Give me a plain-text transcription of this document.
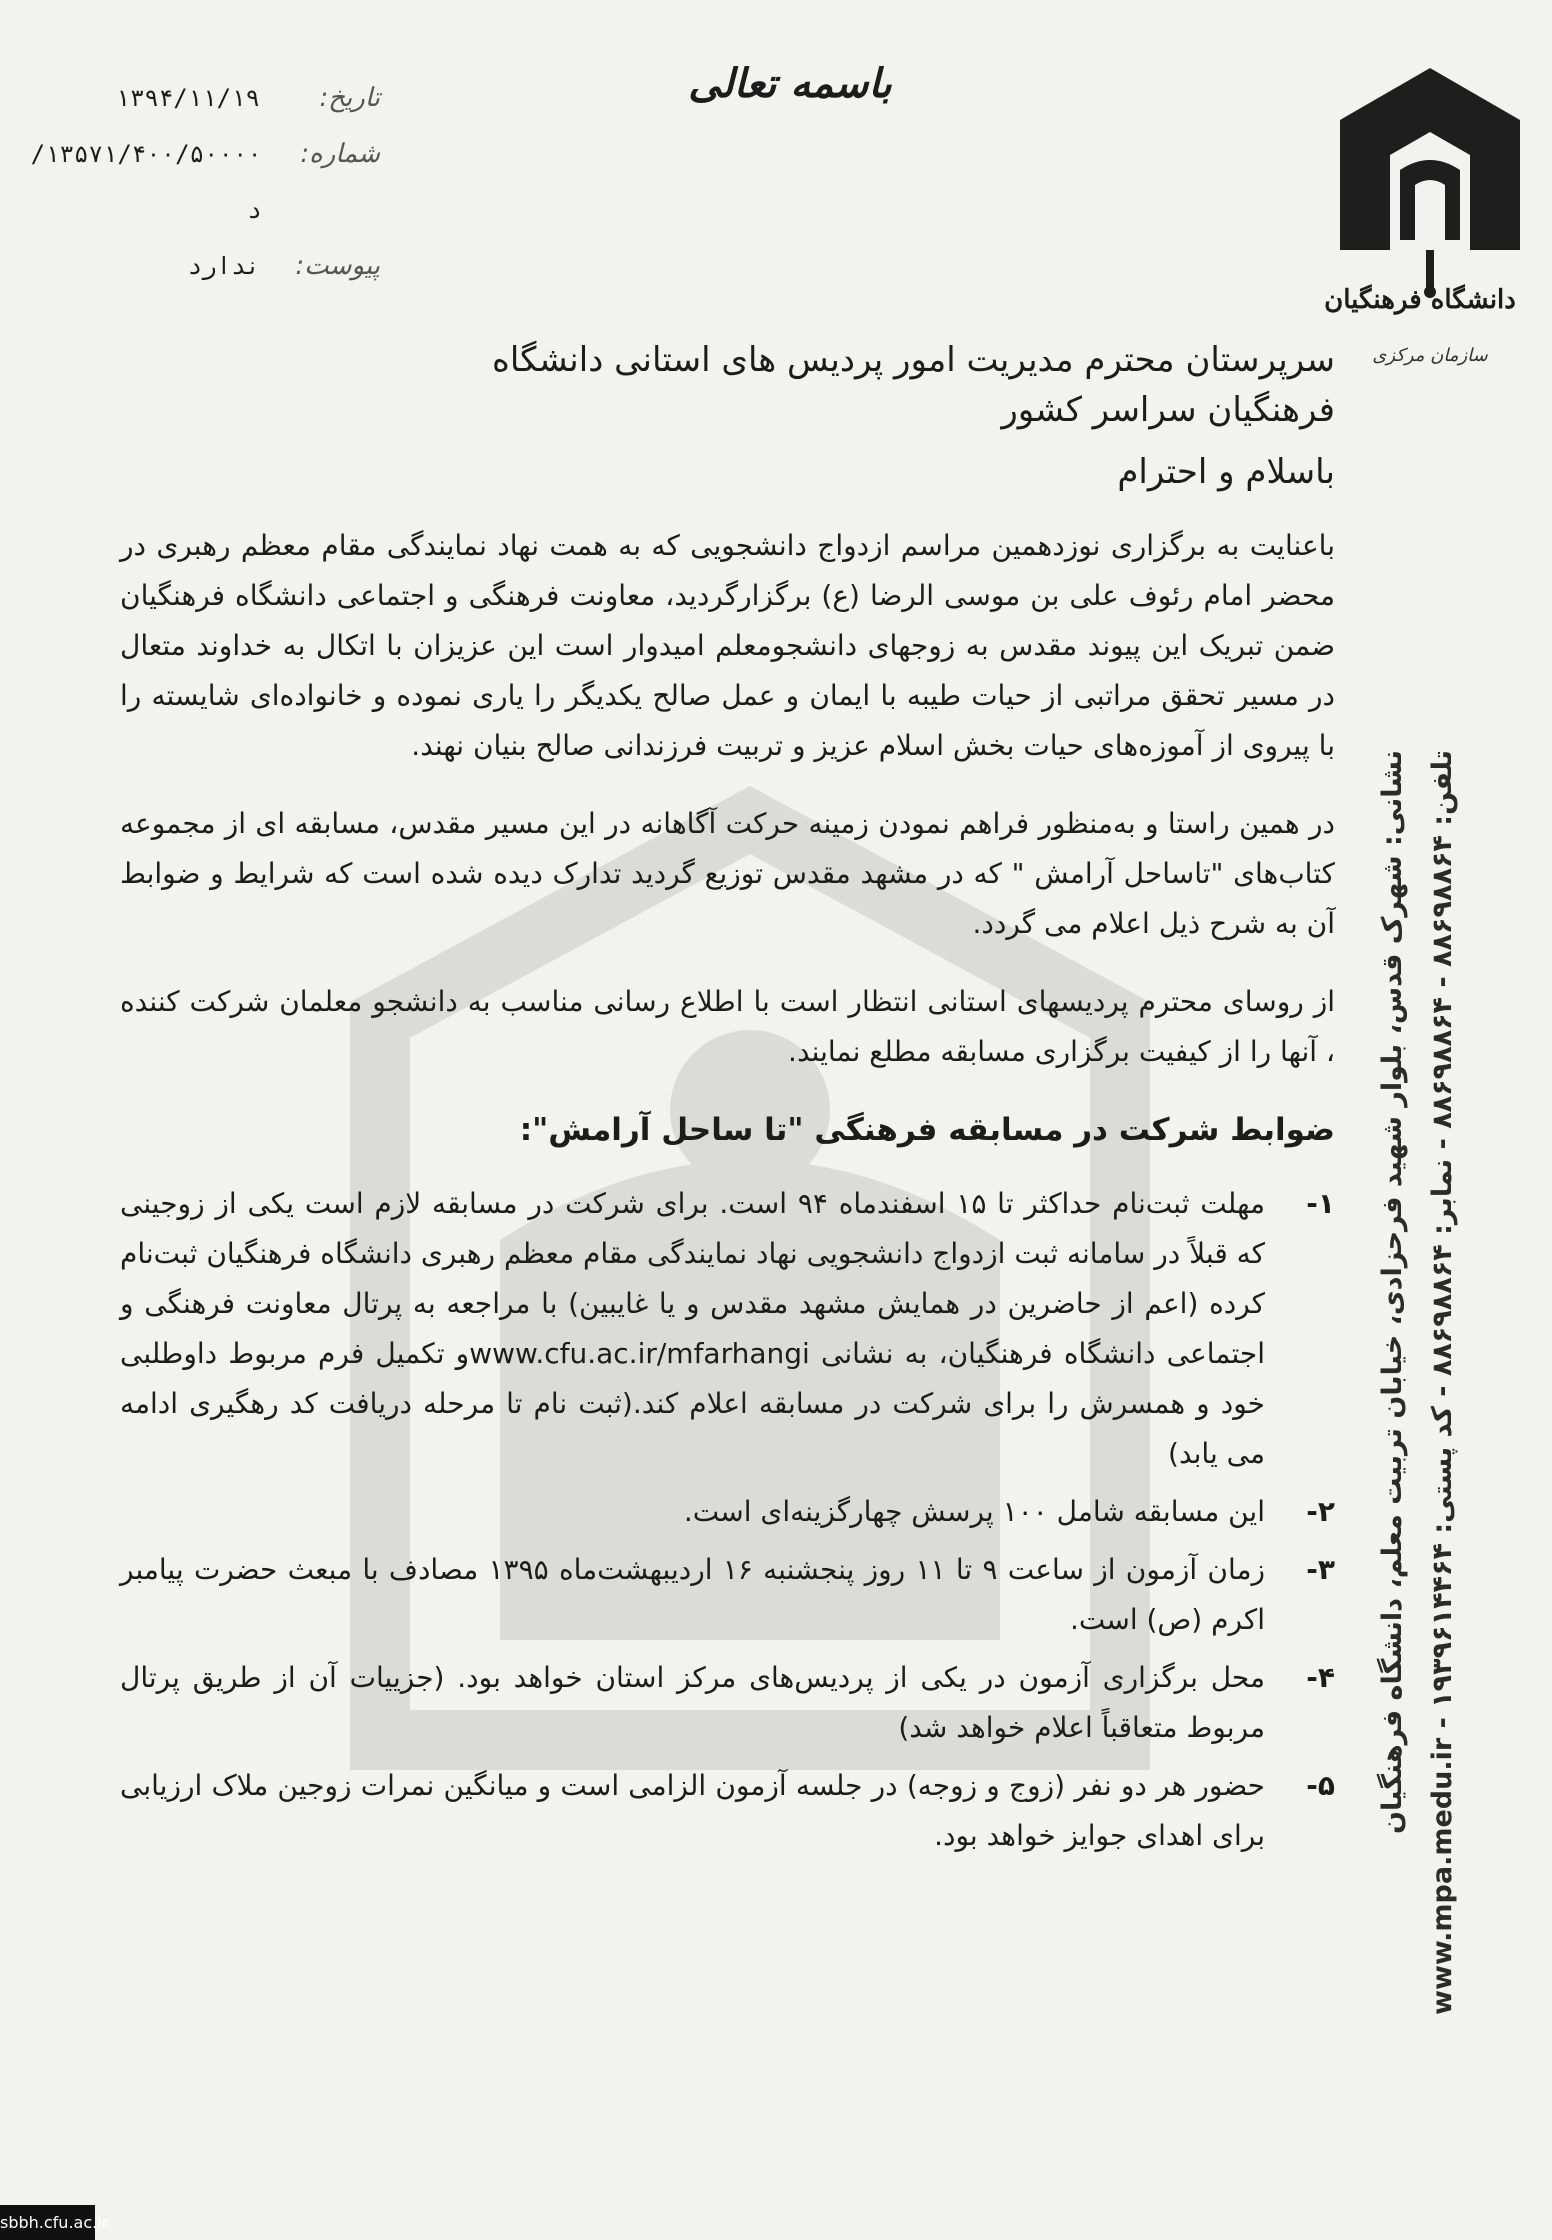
تاریخ:
۱۳۹۴/۱۱/۱۹
شماره:
۱۳۵۷۱/۴۰۰/۵۰۰۰۰/د
پیوست:
ندارد
باسمه تعالی
دانشگاه فرهنگیان
سازمان مرکزی
نشانی: شهرک قدس، بلوار شهید فرحزادی، خیابان تربیت معلم، دانشگاه فرهنگیان
تلفن: ۸۸۶۹۸۸۶۴ - ۸۸۶۹۸۸۶۴ - نمابر: ۸۸۶۹۸۸۶۴ - کد پستی: ۱۹۳۹۶۱۴۴۶۴ - www.mpa.medu.ir

سرپرستان محترم مدیریت امور پردیس های استانی دانشگاه

فرهنگیان سراسر کشور

باسلام و احترام

باعنایت به برگزاری نوزدهمین مراسم ازدواج دانشجویی که به همت نهاد نمایندگی مقام معظم رهبری در محضر امام رئوف علی بن موسی الرضا (ع) برگزارگردید، معاونت فرهنگی و اجتماعی دانشگاه فرهنگیان ضمن تبریک این پیوند مقدس به زوجهای دانشجومعلم امیدوار است این عزیزان با اتکال به خداوند متعال در مسیر تحقق مراتبی از حیات طیبه با ایمان و عمل صالح یکدیگر را یاری نموده و خانواده‌ای شایسته را با پیروی از آموزه‌های حیات بخش اسلام عزیز و تربیت فرزندانی صالح بنیان نهند.

در همین راستا و به‌منظور فراهم نمودن زمینه حرکت آگاهانه در این مسیر مقدس، مسابقه ای از مجموعه کتاب‌های "تاساحل آرامش " که در مشهد مقدس توزیع گردید تدارک دیده شده است که شرایط و ضوابط آن به شرح ذیل اعلام می گردد.

از روسای محترم پردیسهای استانی انتظار است با اطلاع رسانی مناسب به دانشجو معلمان شرکت کننده ، آنها را از کیفیت برگزاری مسابقه مطلع نمایند.

ضوابط شرکت در مسابقه فرهنگی "تا ساحل آرامش":

۱-
مهلت ثبت‌نام حداکثر تا ۱۵ اسفندماه ۹۴ است. برای شرکت در مسابقه لازم است یکی از زوجینی که قبلاً در سامانه ثبت ازدواج دانشجویی نهاد نمایندگی مقام معظم رهبری دانشگاه فرهنگیان ثبت‌نام کرده (اعم از حاضرین در همایش مشهد مقدس و یا غایبین) با مراجعه به پرتال معاونت فرهنگی و اجتماعی دانشگاه فرهنگیان، به نشانی www.cfu.ac.ir/mfarhangiو تکمیل فرم مربوط داوطلبی خود و همسرش را برای شرکت در مسابقه اعلام کند.(ثبت نام تا مرحله دریافت کد رهگیری ادامه می یابد)
۲-
این مسابقه شامل ۱۰۰ پرسش چهارگزینه‌ای است.
۳-
زمان آزمون از ساعت ۹ تا ۱۱ روز پنجشنبه ۱۶ اردیبهشت‌ماه ۱۳۹۵ مصادف با مبعث حضرت پیامبر اکرم (ص) است.
۴-
محل برگزاری آزمون در یکی از پردیس‌های مرکز استان خواهد بود. (جزییات آن از طریق پرتال مربوط متعاقباً اعلام خواهد شد)
۵-
حضور هر دو نفر (زوج و زوجه) در جلسه آزمون الزامی است و میانگین نمرات زوجین ملاک ارزیابی برای اهدای جوایز خواهد بود.
sbbh.cfu.ac.ir
